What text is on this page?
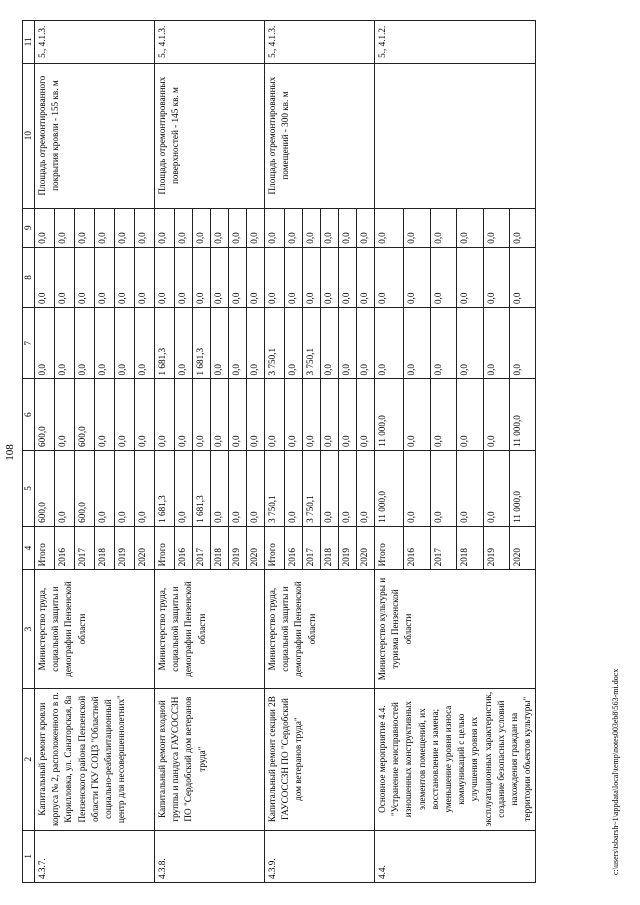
108
1	2	3	4	5	6	7	8	9	10	11
4.3.7.	Капитальный ремонт кровли корпуса № 2, расположенного в п. Кирилловка, ул. Санаторская, 8а Пензенского района Пензенской области ГКУ СОЦЗ "Областной социально-реабилитационный центр для несовершеннолетних"	Министерство труда, социальной защиты и демографии Пензенской области	Итого	600,0	600,0	0,0	0,0	0,0	Площадь отремонтированного покрытия кровли - 155 кв. м	5., 4.1.3.
			2016	0,0	0,0	0,0	0,0	0,0		
			2017	600,0	600,0	0,0	0,0	0,0		
			2018	0,0	0,0	0,0	0,0	0,0		
			2019	0,0	0,0	0,0	0,0	0,0		
			2020	0,0	0,0	0,0	0,0	0,0		
4.3.8.	Капитальный ремонт входной группы и пандуса ГАУСОССЗН ПО "Сердобский дом ветеранов труда"	Министерство труда, социальной защиты и демографии Пензенской области	Итого	1 681,3	0,0	1 681,3	0,0	0,0	Площадь отремонтированных поверхностей - 145 кв. м	5., 4.1.3.
			2016	0,0	0,0	0,0	0,0	0,0		
			2017	1 681,3	0,0	1 681,3	0,0	0,0		
			2018	0,0	0,0	0,0	0,0	0,0		
			2019	0,0	0,0	0,0	0,0	0,0		
			2020	0,0	0,0	0,0	0,0	0,0		
4.3.9.	Капитальный ремонт секции 2В ГАУСОССЗН ПО "Сердобский дом ветеранов труда"	Министерство труда, социальной защиты и демографии Пензенской области	Итого	3 750,1	0,0	3 750,1	0,0	0,0	Площадь отремонтированных помещений - 300 кв. м	5., 4.1.3.
			2016	0,0	0,0	0,0	0,0	0,0		
			2017	3 750,1	0,0	3 750,1	0,0	0,0		
			2018	0,0	0,0	0,0	0,0	0,0		
			2019	0,0	0,0	0,0	0,0	0,0		
			2020	0,0	0,0	0,0	0,0	0,0		
4.4.	Основное мероприятие 4.4. "Устранение неисправностей изношенных конструктивных элементов помещений, их восстановление и замена; уменьшение уровня износа коммуникаций с целью улучшения уровня их эксплуатационных характеристик, создание безопасных условий нахождения граждан на территории объектов культуры"	Министерство культуры и туризма Пензенской области	Итого	11 000,0	11 000,0	0,0	0,0	0,0		5., 4.1.2.
			2016	0,0	0,0	0,0	0,0	0,0		
			2017	0,0	0,0	0,0	0,0	0,0		
			2018	0,0	0,0	0,0	0,0	0,0		
			2019	0,0	0,0	0,0	0,0	0,0		
			2020	11 000,0	11 000,0	0,0	0,0	0,0		
c:\users\tsbarsh~1\appdata\local\temp\notes003eb8\563-mi.docx
